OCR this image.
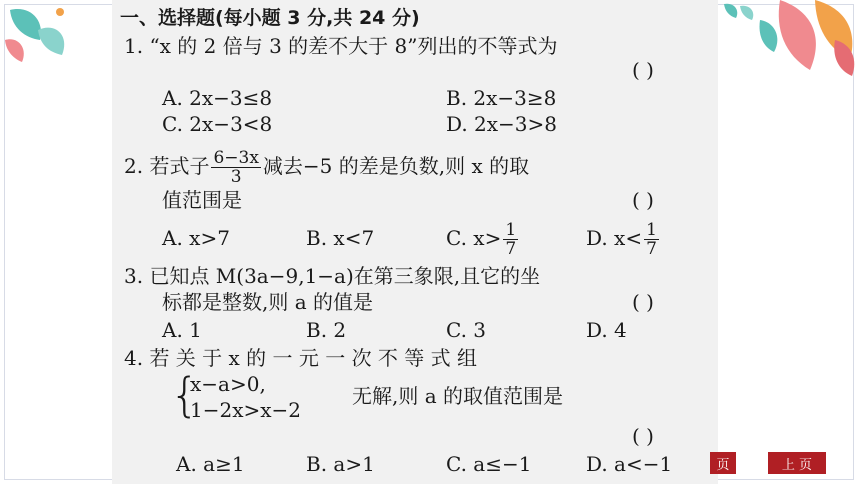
一、选择题(每小题 3 分,共 24 分)
1. “x 的 2 倍与 3 的差不大于 8”列出的不等式为
( )
A. 2x−3≤8	B. 2x−3≥8
C. 2x−3<8	D. 2x−3>8
2. 若式子 $\frac{6-3x}{3}$ 减去−5 的差是负数,则 x 的取
值范围是	( )
A. x>7	B. x<7	C. $x> \frac{1}{7}$	D. $x< \frac{1}{7}$
3. 已知点 M(3a−9,1−a)在第三象限,且它的坐
标都是整数,则 a 的值是	( )
A. 1	B. 2	C. 3	D. 4
4. 若 关 于 x 的 一 元 一 次 不 等 式 组
{
x−a>0,
1−2x>x−2
无解,则 a 的取值范围是
( )
A. a≥1	B. a>1	C. a≤−1	D. a<−1	页	上 页
